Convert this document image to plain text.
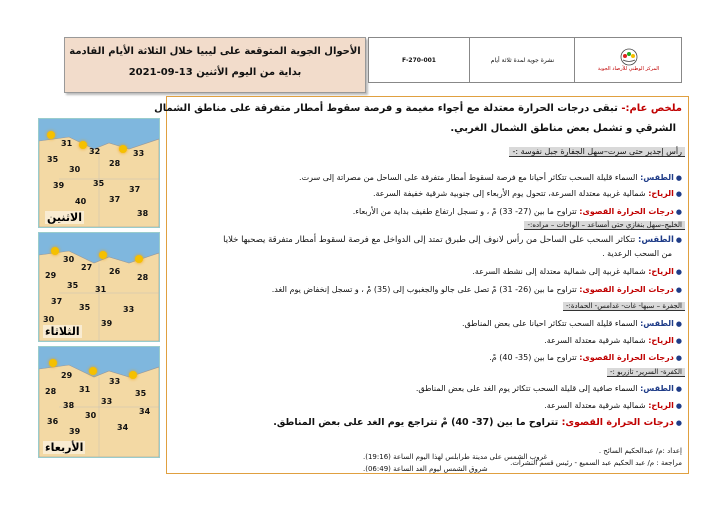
الأحوال الجوية المتوقعة على ليبيا خلال الثلاثة الأيام القادمة
بداية من اليوم الأثنين 13-09-2021
F-270-001	نشرة جوية لمدة ثلاثة أيام
المركز الوطني للأرصاد الجوية
ملخص عام:- تبقى درجات الحرارة معتدلة مع أجواء مغيمة و فرصة سقوط أمطار متفرقة على مناطق الشمال
الشرقي و تشمل بعض مناطق الشمال الغربي.
رأس إجدير حتى سرت–سهل الجفارة جبل نفوسة :-
●الطقس: السماء قليلة السحب تتكاثر أحيانا مع فرصة لسقوط أمطار متفرقة على الساحل من مصراتة إلى سرت.
●الرياح: شمالية غربية معتدلة السرعة، تتحول يوم الأربعاء إلى جنوبية شرقية خفيفة السرعة.
●درجات الحرارة القصوى: تتراوح ما بين (27- 33) مْ ، و تسجل ارتفاع طفيف بداية من الأربعاء.
الخليج–سهل بنغازي حتى أمساعد – الواحات – مراده:-
●الطقس: تتكاثر السحب على الساحل من رأس لانوف إلى طبرق تمتد إلى الدواخل مع فرصة لسقوط أمطار متفرقة يصحبها خلايا
من السحب الرعدية .
●الرياح: شمالية غربية إلى شمالية معتدلة إلى نشطة السرعة.
●درجات الحرارة القصوى: تتراوح ما بين (26- 31) مْ تصل على جالو والجغبوب إلى (35) مْ ، و تسجل إنخفاض يوم الغد.
الجفرة – سبها- غات- غدامس- الحمادة:-
●الطقس: السماء قليلة السحب تتكاثر احيانا على بعض المناطق.
●الرياح: شمالية شرقية معتدلة السرعة.
●درجات الحرارة القصوى: تتراوح ما بين (35- 40) مْ.
الكفرة- السرير- تازربو :-
●الطقس: السماء صافية إلى قليلة السحب تتكاثر يوم الغد على بعض المناطق.
●الرياح: شمالية شرقية معتدلة السرعة.
●درجات الحرارة القصوى: تتراوح ما بين (37- 40) مْ تتراجع يوم الغد على بعض المناطق.
إعداد :م/ عبدالحكيم السائح .
مراجعة : م/ عبد الحكيم عبد السميع - رئيس قسم النشرات.
غروب الشمس على مدينة طرابلس لهذا اليوم الساعة (19:16).
شروق الشمس ليوم الغد الساعة (06:49).
31
32
35
33
28
30
37
35
39
37
38
40
الاثنين
30
27
29	26
35
28
31
33
37
35
39
30
الثلاثاء
29
33
28	31	35
38	33
34
30
36
34
39
الأربعاء
